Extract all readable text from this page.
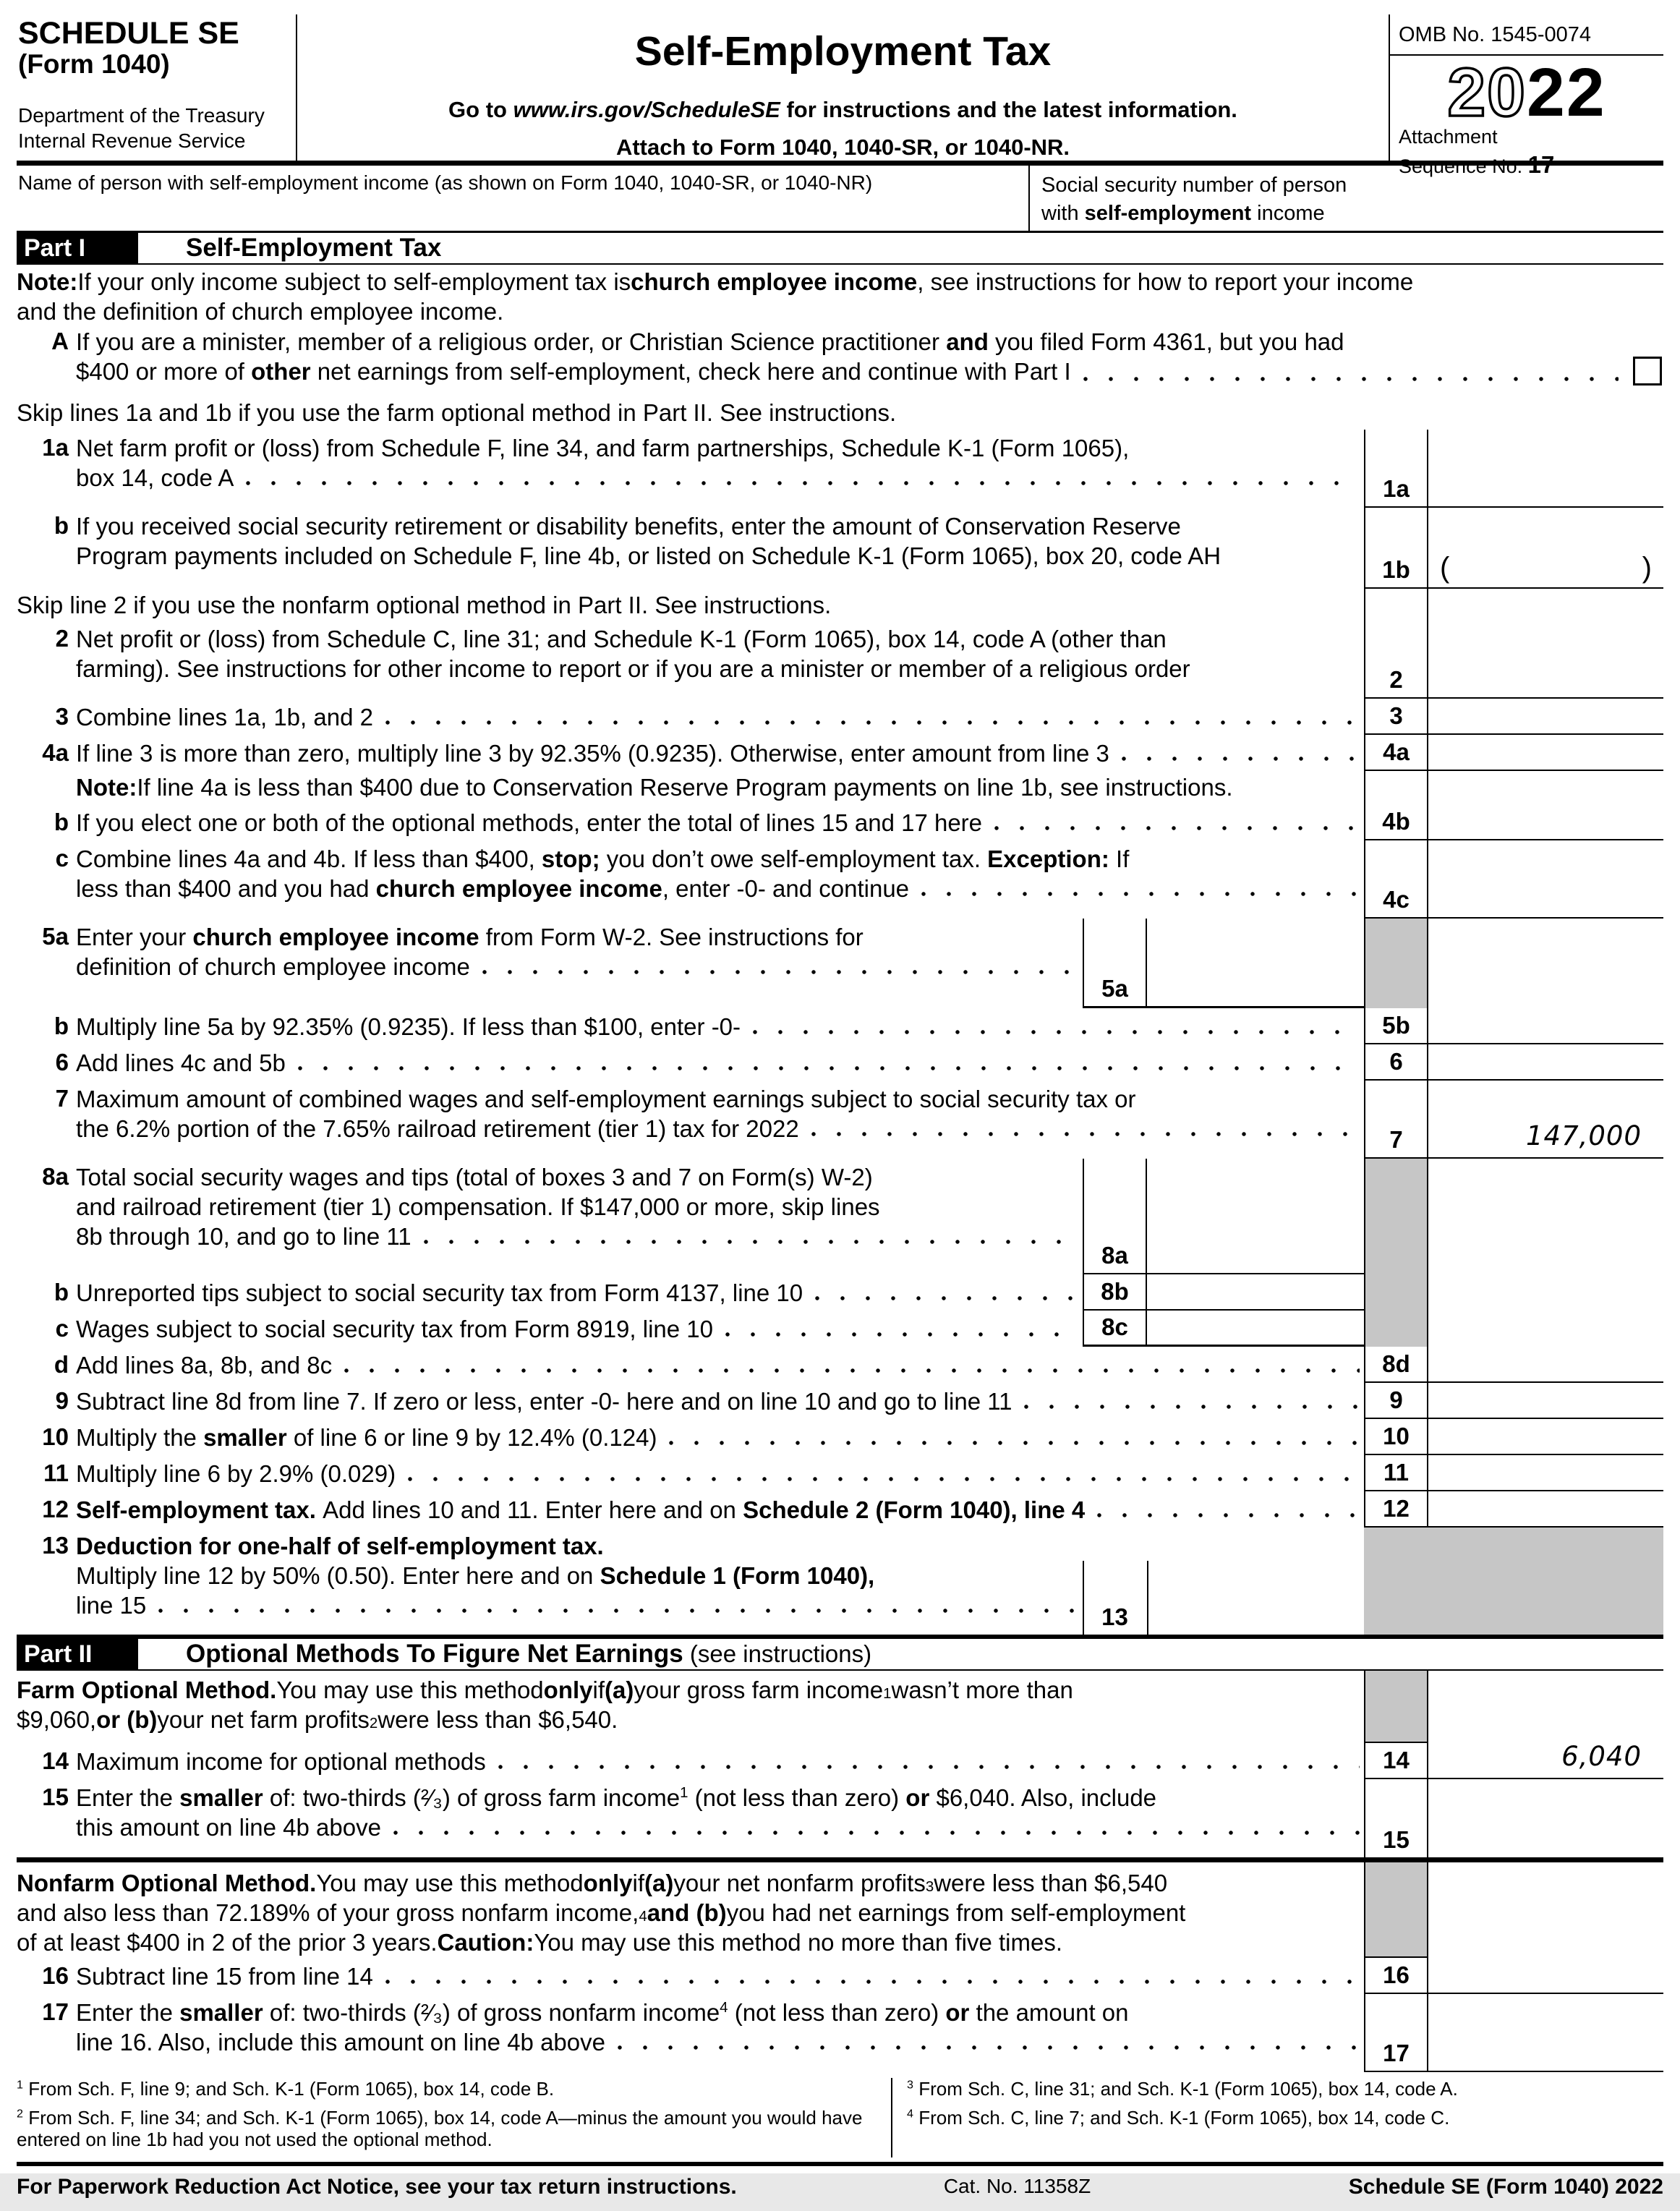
SCHEDULE SE
(Form 1040)
Department of the Treasury
Internal Revenue Service
Self-Employment Tax
Go to www.irs.gov/ScheduleSE for instructions and the latest information.
Attach to Form 1040, 1040-SR, or 1040-NR.
OMB No. 1545-0074
2022
Attachment
Sequence No. 17
Name of person with self-employment income (as shown on Form 1040, 1040-SR, or 1040-NR)	Social security number of person
with self-employment income
Part I	Self-Employment Tax
Note: If your only income subject to self-employment tax is church employee income , see instructions for how to report your income
and the definition of church employee income.
A If you are a minister, member of a religious order, or Christian Science practitioner and you filed Form 4361, but you had
$400 or more of other net earnings from self-employment, check here and continue with Part I
Skip lines 1a and 1b if you use the farm optional method in Part II. See instructions.
1a Net farm profit or (loss) from Schedule F, line 34, and farm partnerships, Schedule K-1 (Form 1065),
box 14, code A	1a
b If you received social security retirement or disability benefits, enter the amount of Conservation Reserve
Program payments included on Schedule F, line 4b, or listed on Schedule K-1 (Form 1065), box 20, code AH
1b	(	)
Skip line 2 if you use the nonfarm optional method in Part II. See instructions.
2 Net profit or (loss) from Schedule C, line 31; and Schedule K-1 (Form 1065), box 14, code A (other than
farming). See instructions for other income to report or if you are a minister or member of a religious order	2
3 Combine lines 1a, 1b, and 2	3
4a If line 3 is more than zero, multiply line 3 by 92.35% (0.9235). Otherwise, enter amount from line 3	4a
Note: If line 4a is less than $400 due to Conservation Reserve Program payments on line 1b, see instructions.
b If you elect one or both of the optional methods, enter the total of lines 15 and 17 here	4b
c Combine lines 4a and 4b. If less than $400, stop; you don’t owe self-employment tax. Exception: If
less than $400 and you had church employee income, enter -0- and continue	4c
5a Enter your church employee income from Form W-2. See instructions for
definition of church employee income
5a
b Multiply line 5a by 92.35% (0.9235). If less than $100, enter -0-	5b
6 Add lines 4c and 5b	6
7 Maximum amount of combined wages and self-employment earnings subject to social security tax or
the 6.2% portion of the 7.65% railroad retirement (tier 1) tax for 2022	7	147,000
8a Total social security wages and tips (total of boxes 3 and 7 on Form(s) W-2)
and railroad retirement (tier 1) compensation. If $147,000 or more, skip lines
8b through 10, and go to line 11
8a
b Unreported tips subject to social security tax from Form 4137, line 10	8b
c Wages subject to social security tax from Form 8919, line 10	8c
d Add lines 8a, 8b, and 8c	8d
9 Subtract line 8d from line 7. If zero or less, enter -0- here and on line 10 and go to line 11	9
10 Multiply the smaller of line 6 or line 9 by 12.4% (0.124)	10
11 Multiply line 6 by 2.9% (0.029)	11
12 Self-employment tax. Add lines 10 and 11. Enter here and on Schedule 2 (Form 1040), line 4	12
13 Deduction for one-half of self-employment tax.
Multiply line 12 by 50% (0.50). Enter here and on Schedule 1 (Form 1040),
line 15	13
Part II	Optional Methods To Figure Net Earnings (see instructions)
Farm Optional Method. You may use this method only if (a) your gross farm income 1 wasn’t more than
$9,060, or (b) your net farm profits 2 were less than $6,540.
14 Maximum income for optional methods	14	6,040
15 Enter the smaller of: two-thirds (²⁄₃) of gross farm income$^1$ (not less than zero) or $6,040. Also, include
this amount on line 4b above	15
Nonfarm Optional Method. You may use this method only if (a) your net nonfarm profits 3 were less than $6,540
and also less than 72.189% of your gross nonfarm income, 4 and (b) you had net earnings from self-employment
of at least $400 in 2 of the prior 3 years. Caution: You may use this method no more than five times.
16 Subtract line 15 from line 14	16
17 Enter the smaller of: two-thirds (²⁄₃) of gross nonfarm income$^4$ (not less than zero) or the amount on
line 16. Also, include this amount on line 4b above	17
$^1$ From Sch. F, line 9; and Sch. K-1 (Form 1065), box 14, code B.
$^2$ From Sch. F, line 34; and Sch. K-1 (Form 1065), box 14, code A—minus the amount you would have entered on line 1b had you not used the optional method.
$^3$ From Sch. C, line 31; and Sch. K-1 (Form 1065), box 14, code A.
$^4$ From Sch. C, line 7; and Sch. K-1 (Form 1065), box 14, code C.
For Paperwork Reduction Act Notice, see your tax return instructions.	Cat. No. 11358Z	Schedule SE (Form 1040) 2022
